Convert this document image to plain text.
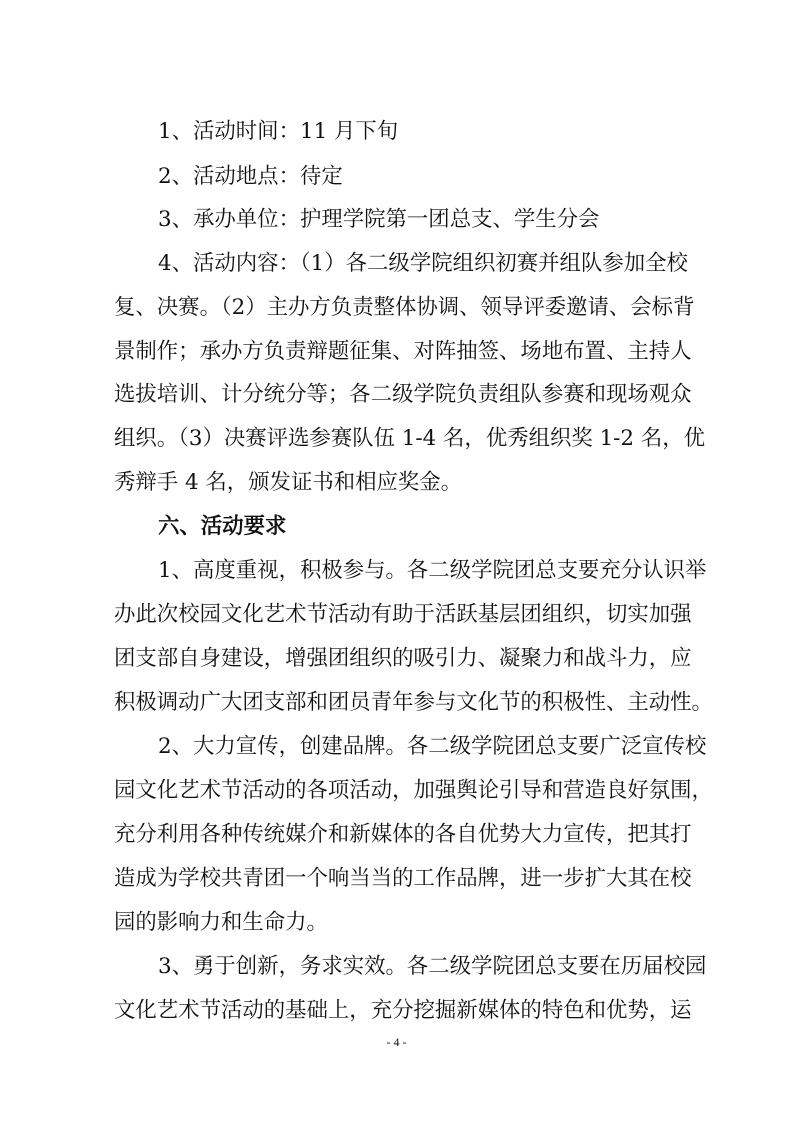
1、活动时间：11 月下旬
2、活动地点：待定
3、承办单位：护理学院第一团总支、学生分会
4、活动内容：（1）各二级学院组织初赛并组队参加全校
复、决赛。（2）主办方负责整体协调、领导评委邀请、会标背
景制作；承办方负责辩题征集、对阵抽签、场地布置、主持人
选拔培训、计分统分等；各二级学院负责组队参赛和现场观众
组织。（3）决赛评选参赛队伍 1-4 名，优秀组织奖 1-2 名，优
秀辩手 4 名，颁发证书和相应奖金。
六、活动要求
1、高度重视，积极参与。各二级学院团总支要充分认识举
办此次校园文化艺术节活动有助于活跃基层团组织，切实加强
团支部自身建设，增强团组织的吸引力、凝聚力和战斗力，应
积极调动广大团支部和团员青年参与文化节的积极性、主动性。
2、大力宣传，创建品牌。各二级学院团总支要广泛宣传校
园文化艺术节活动的各项活动，加强舆论引导和营造良好氛围，
充分利用各种传统媒介和新媒体的各自优势大力宣传，把其打
造成为学校共青团一个响当当的工作品牌，进一步扩大其在校
园的影响力和生命力。
3、勇于创新，务求实效。各二级学院团总支要在历届校园
文化艺术节活动的基础上，充分挖掘新媒体的特色和优势，运
- 4 -
